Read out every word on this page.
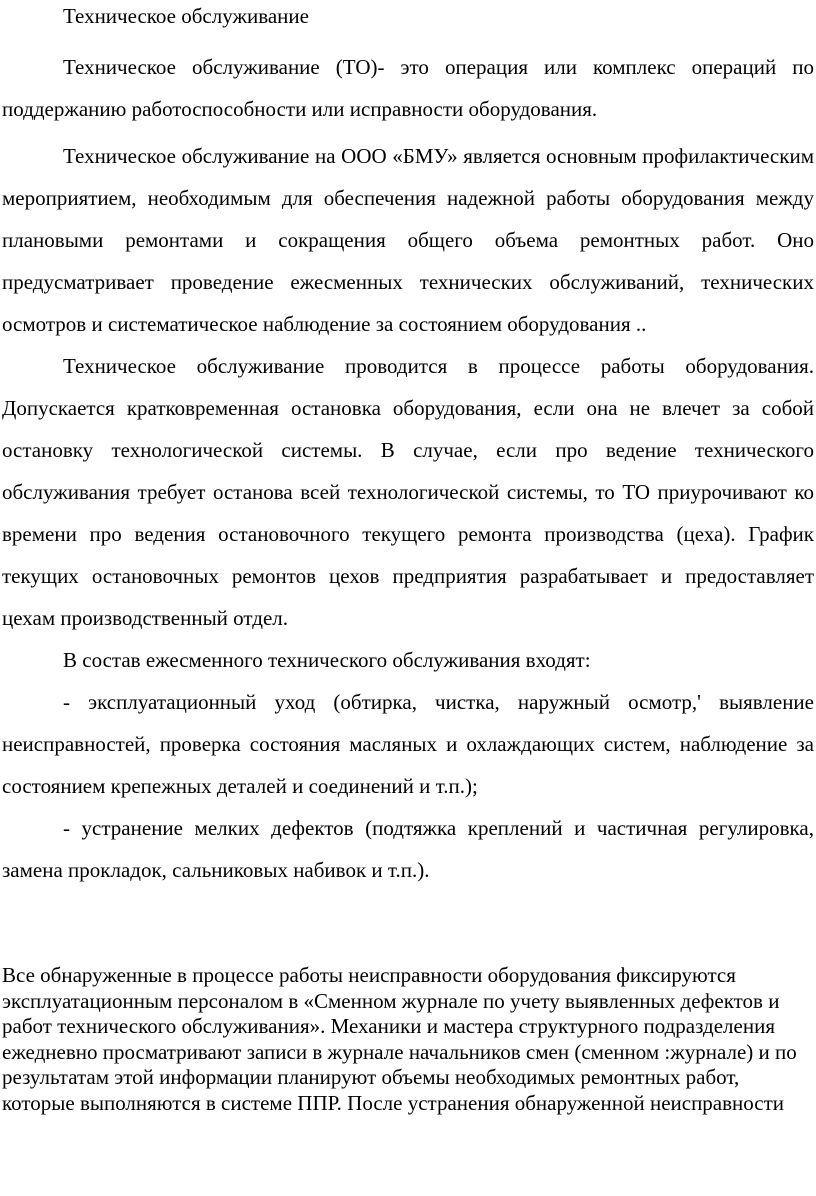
Техническое обслуживание

Техническое обслуживание (ТО)- это операция или комплекс операций по поддержанию работоспособности или исправности оборудования.

Техническое обслуживание на ООО «БМУ» является основным профилактическим мероприятием, необходимым для обеспечения надежной работы оборудования между плановыми ремонтами и сокращения общего объема ремонтных работ. Оно предусматривает проведение ежесменных технических обслуживаний, технических осмотров и систематическое наблюдение за состоянием оборудования ..

Техническое обслуживание проводится в процессе работы оборудования. Допускается кратковременная остановка оборудования, если она не влечет за собой остановку технологической системы. В случае, если про ведение технического обслуживания требует останова всей технологической системы, то ТО приурочивают ко времени про ведения остановочного текущего ремонта производства (цеха). График текущих остановочных ремонтов цехов предприятия разрабатывает и предоставляет цехам производственный отдел.

В состав ежесменного технического обслуживания входят:

- эксплуатационный уход (обтирка, чистка, наружный осмотр,' выявление неисправностей, проверка состояния масляных и охлаждающих систем, наблюдение за состоянием крепежных деталей и соединений и т.п.);

- устранение мелких дефектов (подтяжка креплений и частичная регулировка, замена прокладок, сальниковых набивок и т.п.).

Все обнаруженные в процессе работы неисправности оборудования фиксируются эксплуатационным персоналом в «Сменном журнале по учету выявленных дефектов и работ технического обслуживания». Механики и мастера структурного подразделения ежедневно просматривают записи в журнале начальников смен (сменном :журнале) и по результатам этой информации планируют объемы необходимых ремонтных работ, которые выполняются в системе ППР. После устранения обнаруженной неисправности
